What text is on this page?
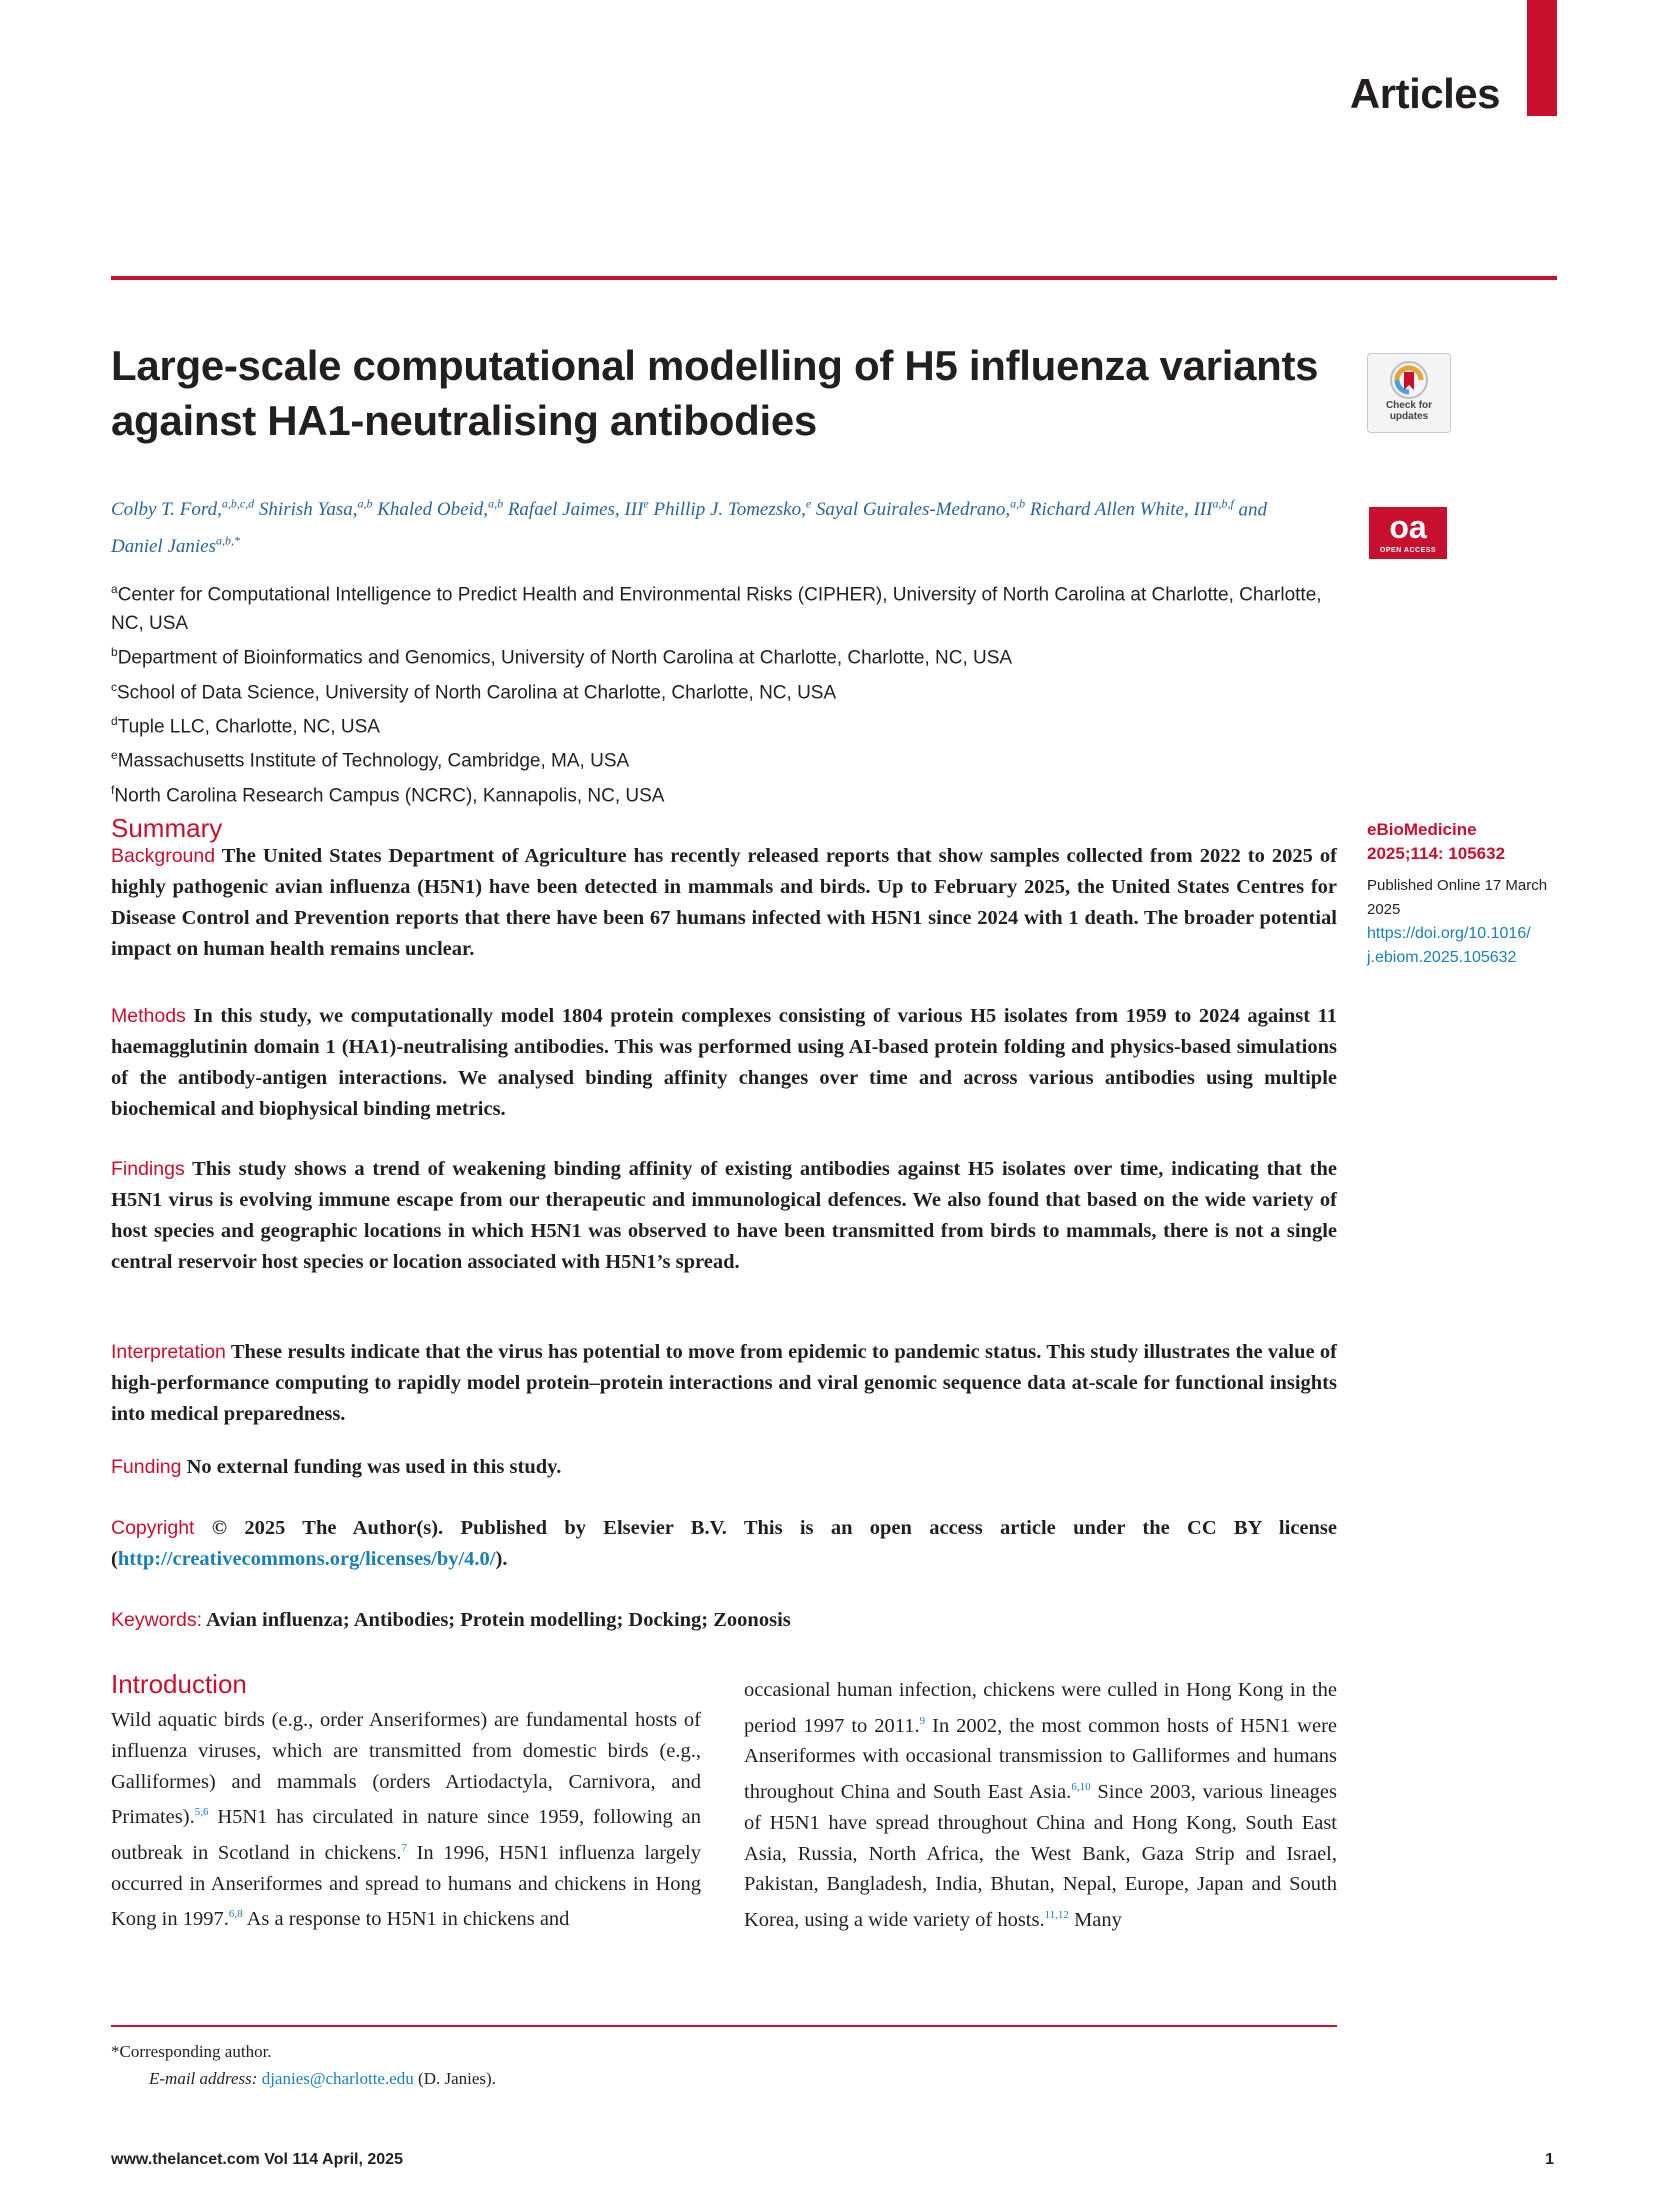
Articles
Large-scale computational modelling of H5 influenza variants against HA1-neutralising antibodies	Check for updates
oa
OPEN ACCESS
Colby T. Ford,$^{a,b,c,d}$ Shirish Yasa,$^{a,b}$ Khaled Obeid,$^{a,b}$ Rafael Jaimes, IIIe Phillip J. Tomezsko,$^e$ Sayal Guirales-Medrano,$^{a,b}$ Richard Allen White, III$^{a,b,f}$ and
Daniel Janies$^{a,b,*}$
$^a$Center for Computational Intelligence to Predict Health and Environmental Risks (CIPHER), University of North Carolina at Charlotte, Charlotte, NC, USA
$^b$Department of Bioinformatics and Genomics, University of North Carolina at Charlotte, Charlotte, NC, USA
$^c$School of Data Science, University of North Carolina at Charlotte, Charlotte, NC, USA
$^d$Tuple LLC, Charlotte, NC, USA
$^e$Massachusetts Institute of Technology, Cambridge, MA, USA
$^f$North Carolina Research Campus (NCRC), Kannapolis, NC, USA
eBioMedicine
2025;114: 105632
Published Online 17 March 2025
https://doi.org/10.1016/j.ebiom.2025.105632
Summary
Background The United States Department of Agriculture has recently released reports that show samples collected from 2022 to 2025 of highly pathogenic avian influenza (H5N1) have been detected in mammals and birds. Up to February 2025, the United States Centres for Disease Control and Prevention reports that there have been 67 humans infected with H5N1 since 2024 with 1 death. The broader potential impact on human health remains unclear.
Methods In this study, we computationally model 1804 protein complexes consisting of various H5 isolates from 1959 to 2024 against 11 haemagglutinin domain 1 (HA1)-neutralising antibodies. This was performed using AI-based protein folding and physics-based simulations of the antibody-antigen interactions. We analysed binding affinity changes over time and across various antibodies using multiple biochemical and biophysical binding metrics.
Findings This study shows a trend of weakening binding affinity of existing antibodies against H5 isolates over time, indicating that the H5N1 virus is evolving immune escape from our therapeutic and immunological defences. We also found that based on the wide variety of host species and geographic locations in which H5N1 was observed to have been transmitted from birds to mammals, there is not a single central reservoir host species or location associated with H5N1’s spread.
Interpretation These results indicate that the virus has potential to move from epidemic to pandemic status. This study illustrates the value of high-performance computing to rapidly model protein–protein interactions and viral genomic sequence data at-scale for functional insights into medical preparedness.
Funding No external funding was used in this study.
Copyright © 2025 The Author(s). Published by Elsevier B.V. This is an open access article under the CC BY license (http://creativecommons.org/licenses/by/4.0/).
Keywords: Avian influenza; Antibodies; Protein modelling; Docking; Zoonosis
Introduction
Wild aquatic birds (e.g., order Anseriformes) are fundamental hosts of influenza viruses, which are transmitted from domestic birds (e.g., Galliformes) and mammals (orders Artiodactyla, Carnivora, and Primates).$^{5,6}$ H5N1 has circulated in nature since 1959, following an outbreak in Scotland in chickens.$^7$ In 1996, H5N1 influenza largely occurred in Anseriformes and spread to humans and chickens in Hong Kong in 1997.$^{6,8}$ As a response to H5N1 in chickens and
occasional human infection, chickens were culled in Hong Kong in the period 1997 to 2011.$^9$ In 2002, the most common hosts of H5N1 were Anseriformes with occasional transmission to Galliformes and humans throughout China and South East Asia.$^{6,10}$ Since 2003, various lineages of H5N1 have spread throughout China and Hong Kong, South East Asia, Russia, North Africa, the West Bank, Gaza Strip and Israel, Pakistan, Bangladesh, India, Bhutan, Nepal, Europe, Japan and South Korea, using a wide variety of hosts.$^{11,12}$ Many
*Corresponding author.
E-mail address: djanies@charlotte.edu (D. Janies).
www.thelancet.com Vol 114 April, 2025	1
